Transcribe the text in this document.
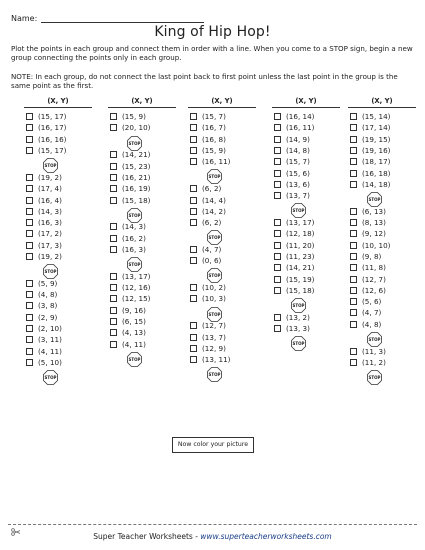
Name:
King of Hip Hop!
Plot the points in each group and connect them in order with a line. When you come to a STOP sign, begin a new group connecting the points only in each group.
NOTE: In each group, do not connect the last point back to first point unless the last point in the group is the same point as the first.
(X, Y)
(15, 17)
(16, 17)
(16, 16)
(15, 17)
STOP
(19, 2)
(17, 4)
(16, 4)
(14, 3)
(16, 3)
(17, 2)
(17, 3)
(19, 2)
STOP
(5, 9)
(4, 8)
(3, 8)
(2, 9)
(2, 10)
(3, 11)
(4, 11)
(5, 10)
STOP
(X, Y)
(15, 9)
(20, 10)
STOP
(14, 21)
(15, 23)
(16, 21)
(16, 19)
(15, 18)
STOP
(14, 3)
(16, 2)
(16, 3)
STOP
(13, 17)
(12, 16)
(12, 15)
(9, 16)
(6, 15)
(4, 13)
(4, 11)
STOP
(X, Y)
(15, 7)
(16, 7)
(16, 8)
(15, 9)
(16, 11)
STOP
(6, 2)
(14, 4)
(14, 2)
(6, 2)
STOP
(4, 7)
(0, 6)
STOP
(10, 2)
(10, 3)
STOP
(12, 7)
(13, 7)
(12, 9)
(13, 11)
STOP
(X, Y)
(16, 14)
(16, 11)
(14, 9)
(14, 8)
(15, 7)
(15, 6)
(13, 6)
(13, 7)
STOP
(13, 17)
(12, 18)
(11, 20)
(11, 23)
(14, 21)
(15, 19)
(15, 18)
STOP
(13, 2)
(13, 3)
STOP
(X, Y)
(15, 14)
(17, 14)
(19, 15)
(19, 16)
(18, 17)
(16, 18)
(14, 18)
STOP
(6, 13)
(8, 13)
(9, 12)
(10, 10)
(9, 8)
(11, 8)
(12, 7)
(12, 6)
(5, 6)
(4, 7)
(4, 8)
STOP
(11, 3)
(11, 2)
STOP
Now color your picture
Super Teacher Worksheets - www.superteacherworksheets.com
